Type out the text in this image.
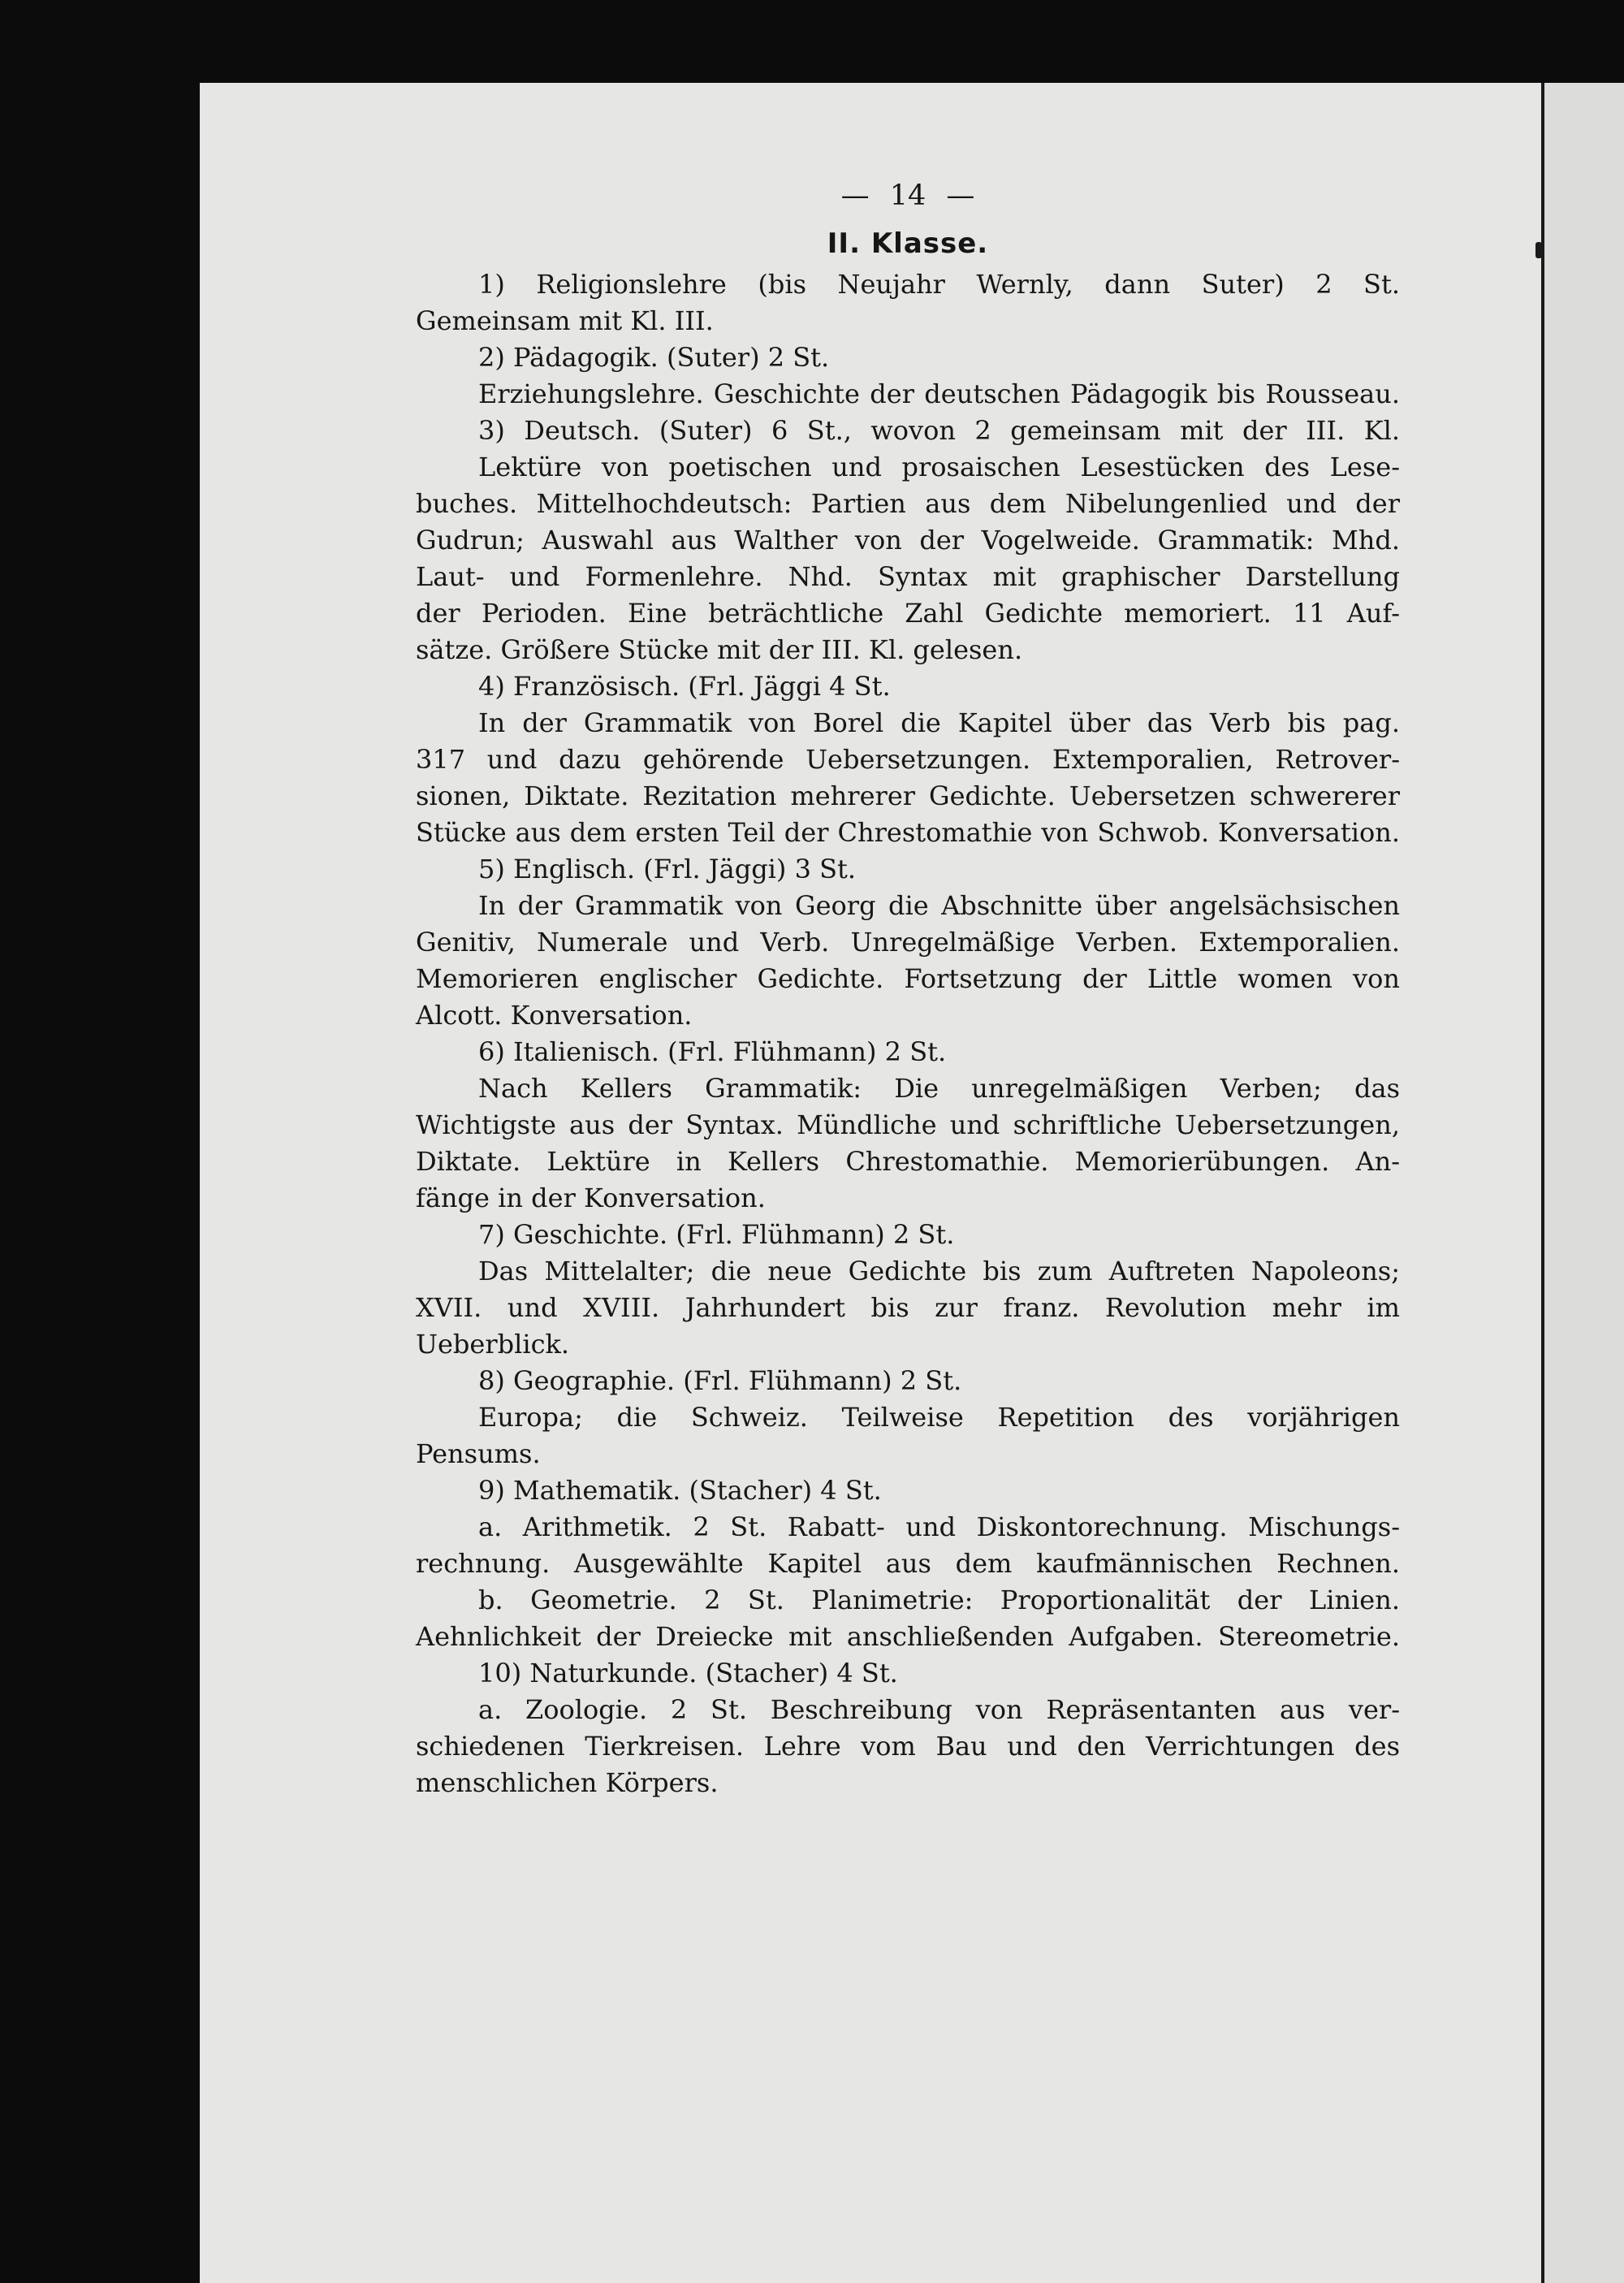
— 14 —
II. Klasse.
1) Religionslehre (bis Neujahr Wernly, dann Suter) 2 St.
Gemeinsam mit Kl. III.
2) Pädagogik. (Suter) 2 St.
Erziehungslehre. Geschichte der deutschen Pädagogik bis Rousseau.
3) Deutsch. (Suter) 6 St., wovon 2 gemeinsam mit der III. Kl.
Lektüre von poetischen und prosaischen Lesestücken des Lese-
buches. Mittelhochdeutsch: Partien aus dem Nibelungenlied und der
Gudrun; Auswahl aus Walther von der Vogelweide. Grammatik: Mhd.
Laut- und Formenlehre. Nhd. Syntax mit graphischer Darstellung
der Perioden. Eine beträchtliche Zahl Gedichte memoriert. 11 Auf-
sätze. Größere Stücke mit der III. Kl. gelesen.
4) Französisch. (Frl. Jäggi 4 St.
In der Grammatik von Borel die Kapitel über das Verb bis pag.
317 und dazu gehörende Uebersetzungen. Extemporalien, Retrover-
sionen, Diktate. Rezitation mehrerer Gedichte. Uebersetzen schwererer
Stücke aus dem ersten Teil der Chrestomathie von Schwob. Konversation.
5) Englisch. (Frl. Jäggi) 3 St.
In der Grammatik von Georg die Abschnitte über angelsächsischen
Genitiv, Numerale und Verb. Unregelmäßige Verben. Extemporalien.
Memorieren englischer Gedichte. Fortsetzung der Little women von
Alcott. Konversation.
6) Italienisch. (Frl. Flühmann) 2 St.
Nach Kellers Grammatik: Die unregelmäßigen Verben; das
Wichtigste aus der Syntax. Mündliche und schriftliche Uebersetzungen,
Diktate. Lektüre in Kellers Chrestomathie. Memorierübungen. An-
fänge in der Konversation.
7) Geschichte. (Frl. Flühmann) 2 St.
Das Mittelalter; die neue Gedichte bis zum Auftreten Napoleons;
XVII. und XVIII. Jahrhundert bis zur franz. Revolution mehr im
Ueberblick.
8) Geographie. (Frl. Flühmann) 2 St.
Europa; die Schweiz. Teilweise Repetition des vorjährigen
Pensums.
9) Mathematik. (Stacher) 4 St.
a. Arithmetik. 2 St. Rabatt- und Diskontorechnung. Mischungs-
rechnung. Ausgewählte Kapitel aus dem kaufmännischen Rechnen.
b. Geometrie. 2 St. Planimetrie: Proportionalität der Linien.
Aehnlichkeit der Dreiecke mit anschließenden Aufgaben. Stereometrie.
10) Naturkunde. (Stacher) 4 St.
a. Zoologie. 2 St. Beschreibung von Repräsentanten aus ver-
schiedenen Tierkreisen. Lehre vom Bau und den Verrichtungen des
menschlichen Körpers.
